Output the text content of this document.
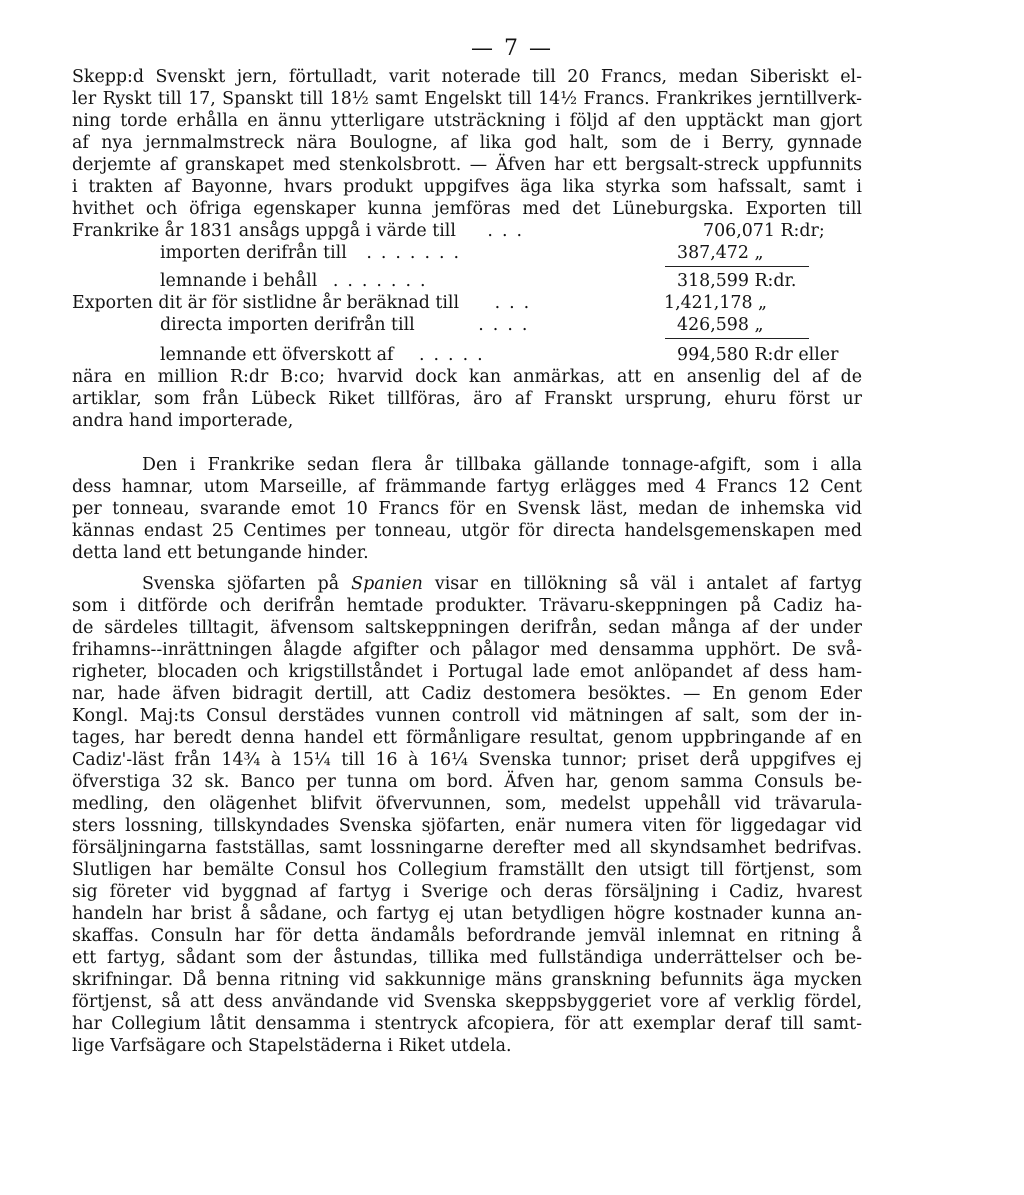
— 7 —
Skepp:d Svenskt jern, förtulladt, varit noterade till 20 Francs, medan Siberiskt el-
ler Ryskt till 17, Spanskt till 18½ samt Engelskt till 14½ Francs. Frankrikes jerntillverk-
ning torde erhålla en ännu ytterligare utsträckning i följd af den upptäckt man gjort
af nya jernmalmstreck nära Boulogne, af lika god halt, som de i Berry, gynnade
derjemte af granskapet med stenkolsbrott. — Äfven har ett bergsalt-streck uppfunnits
i trakten af Bayonne, hvars produkt uppgifves äga lika styrka som hafssalt, samt i
hvithet och öfriga egenskaper kunna jemföras med det Lüneburgska. Exporten till
Frankrike år 1831 ansågs uppgå i värde till ...	706,071 R:dr;
importen derifrån till .......	387,472 „
lemnande i behåll .......	318,599 R:dr.
Exporten dit är för sistlidne år beräknad till ...	1,421,178 „
directa importen derifrån till	....	426,598 „
lemnande ett öfverskott af .....	994,580 R:dr eller
nära en million R:dr B:co; hvarvid dock kan anmärkas, att en ansenlig del af de
artiklar, som från Lübeck Riket tillföras, äro af Franskt ursprung, ehuru först ur
andra hand importerade,
Den i Frankrike sedan flera år tillbaka gällande tonnage-afgift, som i alla
dess hamnar, utom Marseille, af främmande fartyg erlägges med 4 Francs 12 Cent
per tonneau, svarande emot 10 Francs för en Svensk läst, medan de inhemska vid
kännas endast 25 Centimes per tonneau, utgör för directa handelsgemenskapen med
detta land ett betungande hinder.
Svenska sjöfarten på Spanien visar en tillökning så väl i antalet af fartyg
som i ditförde och derifrån hemtade produkter. Trävaru-skeppningen på Cadiz ha-
de särdeles tilltagit, äfvensom saltskeppningen derifrån, sedan många af der under
frihamns--inrättningen ålagde afgifter och pålagor med densamma upphört. De svå-
righeter, blocaden och krigstillståndet i Portugal lade emot anlöpandet af dess ham-
nar, hade äfven bidragit dertill, att Cadiz destomera besöktes. — En genom Eder
Kongl. Maj:ts Consul derstädes vunnen controll vid mätningen af salt, som der in-
tages, har beredt denna handel ett förmånligare resultat, genom uppbringande af en
Cadiz'-läst från 14¾ à 15¼ till 16 à 16¼ Svenska tunnor; priset derå uppgifves ej
öfverstiga 32 sk. Banco per tunna om bord. Äfven har, genom samma Consuls be-
medling, den olägenhet blifvit öfvervunnen, som, medelst uppehåll vid trävarula-
sters lossning, tillskyndades Svenska sjöfarten, enär numera viten för liggedagar vid
försäljningarna fastställas, samt lossningarne derefter med all skyndsamhet bedrifvas.
Slutligen har bemälte Consul hos Collegium framställt den utsigt till förtjenst, som
sig företer vid byggnad af fartyg i Sverige och deras försäljning i Cadiz, hvarest
handeln har brist å sådane, och fartyg ej utan betydligen högre kostnader kunna an-
skaffas. Consuln har för detta ändamåls befordrande jemväl inlemnat en ritning å
ett fartyg, sådant som der åstundas, tillika med fullständiga underrättelser och be-
skrifningar. Då benna ritning vid sakkunnige mäns granskning befunnits äga mycken
förtjenst, så att dess användande vid Svenska skeppsbyggeriet vore af verklig fördel,
har Collegium låtit densamma i stentryck afcopiera, för att exemplar deraf till samt-
lige Varfsägare och Stapelstäderna i Riket utdela.
